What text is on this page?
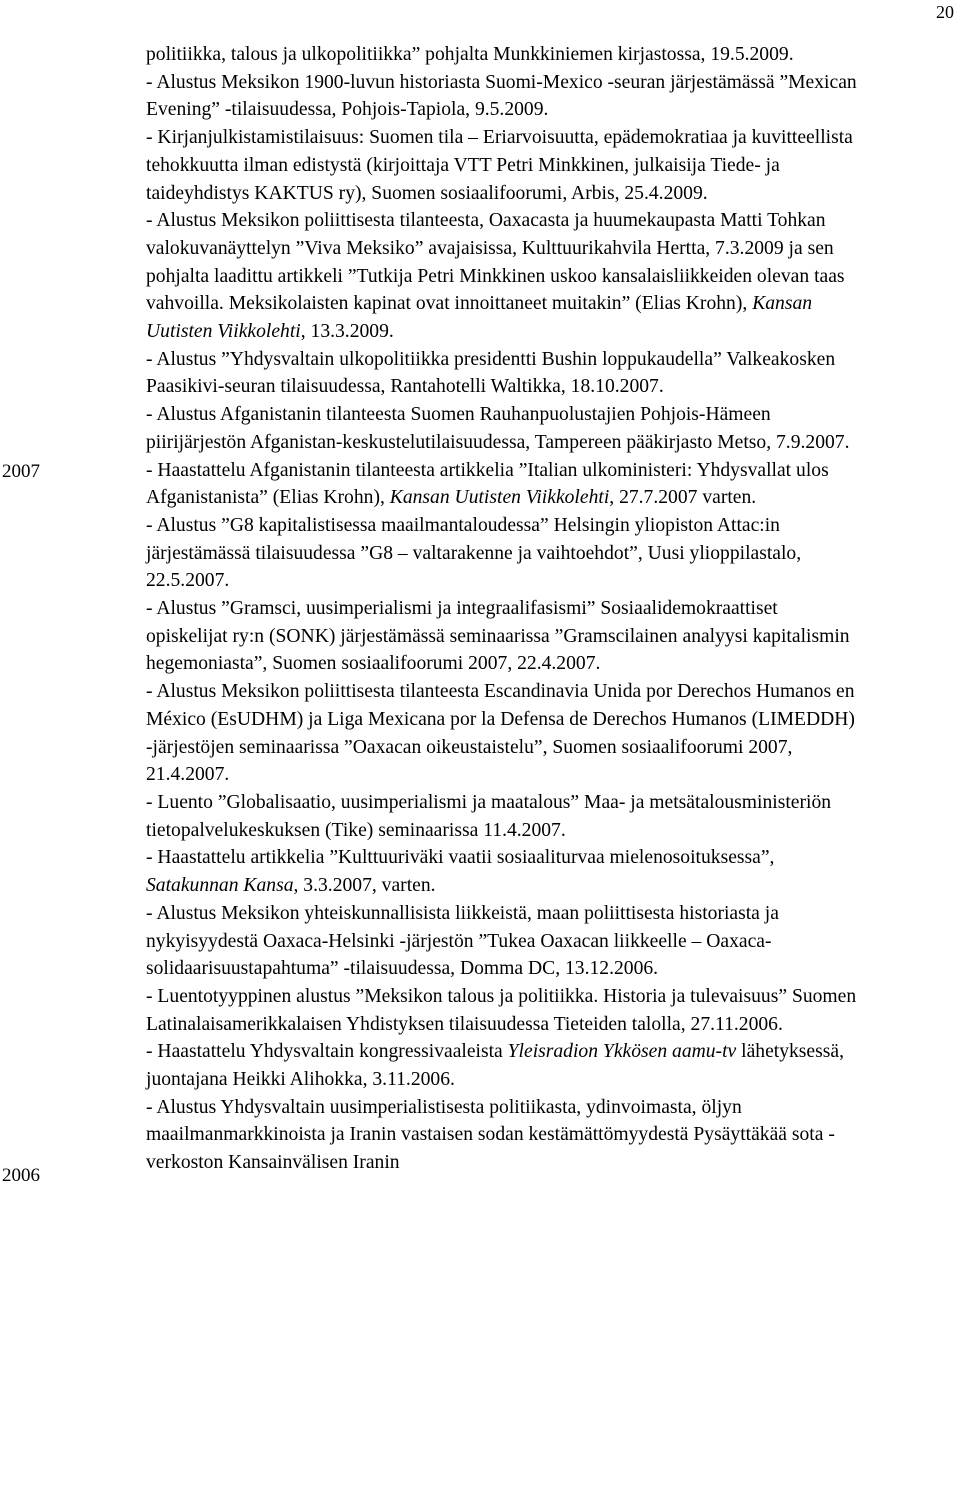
20
2007
2006

politiikka, talous ja ulkopolitiikka” pohjalta Munkkiniemen kirjastossa, 19.5.2009.

- Alustus Meksikon 1900-luvun historiasta Suomi-Mexico -seuran järjestämässä ”Mexican Evening” -tilaisuudessa, Pohjois-Tapiola, 9.5.2009.

- Kirjanjulkistamistilaisuus: Suomen tila – Eriarvoisuutta, epädemokratiaa ja kuvitteellista tehokkuutta ilman edistystä (kirjoittaja VTT Petri Minkkinen, julkaisija Tiede- ja taideyhdistys KAKTUS ry), Suomen sosiaalifoorumi, Arbis, 25.4.2009.

- Alustus Meksikon poliittisesta tilanteesta, Oaxacasta ja huumekaupasta Matti Tohkan valokuvanäyttelyn ”Viva Meksiko” avajaisissa, Kulttuurikahvila Hertta, 7.3.2009 ja sen pohjalta laadittu artikkeli ”Tutkija Petri Minkkinen uskoo kansalaisliikkeiden olevan taas vahvoilla. Meksikolaisten kapinat ovat innoittaneet muitakin” (Elias Krohn), Kansan Uutisten Viikkolehti, 13.3.2009.

- Alustus ”Yhdysvaltain ulkopolitiikka presidentti Bushin loppukaudella” Valkeakosken Paasikivi-seuran tilaisuudessa, Rantahotelli Waltikka, 18.10.2007.

- Alustus Afganistanin tilanteesta Suomen Rauhanpuolustajien Pohjois-Hämeen piirijärjestön Afganistan-keskustelutilaisuudessa, Tampereen pääkirjasto Metso, 7.9.2007.

- Haastattelu Afganistanin tilanteesta artikkelia ”Italian ulkoministeri: Yhdysvallat ulos Afganistanista” (Elias Krohn), Kansan Uutisten Viikkolehti, 27.7.2007 varten.

- Alustus ”G8 kapitalistisessa maailmantaloudessa” Helsingin yliopiston Attac:in järjestämässä tilaisuudessa ”G8 – valtarakenne ja vaihtoehdot”, Uusi ylioppilastalo, 22.5.2007.

- Alustus ”Gramsci, uusimperialismi ja integraalifasismi” Sosiaalidemokraattiset opiskelijat ry:n (SONK) järjestämässä seminaarissa ”Gramscilainen analyysi kapitalismin hegemoniasta”, Suomen sosiaalifoorumi 2007, 22.4.2007.

- Alustus Meksikon poliittisesta tilanteesta Escandinavia Unida por Derechos Humanos en México (EsUDHM) ja Liga Mexicana por la Defensa de Derechos Humanos (LIMEDDH) -järjestöjen seminaarissa ”Oaxacan oikeustaistelu”, Suomen sosiaalifoorumi 2007, 21.4.2007.

- Luento ”Globalisaatio, uusimperialismi ja maatalous” Maa- ja metsätalousministeriön tietopalvelukeskuksen (Tike) seminaarissa 11.4.2007.

- Haastattelu artikkelia ”Kulttuuriväki vaatii sosiaaliturvaa mielenosoituksessa”, Satakunnan Kansa, 3.3.2007, varten.

- Alustus Meksikon yhteiskunnallisista liikkeistä, maan poliittisesta historiasta ja nykyisyydestä Oaxaca-Helsinki -järjestön ”Tukea Oaxacan liikkeelle – Oaxaca-solidaarisuustapahtuma” -tilaisuudessa, Domma DC, 13.12.2006.

- Luentotyyppinen alustus ”Meksikon talous ja politiikka. Historia ja tulevaisuus” Suomen Latinalaisamerikkalaisen Yhdistyksen tilaisuudessa Tieteiden talolla, 27.11.2006.

- Haastattelu Yhdysvaltain kongressivaaleista Yleisradion Ykkösen aamu-tv lähetyksessä, juontajana Heikki Alihokka, 3.11.2006.

- Alustus Yhdysvaltain uusimperialistisesta politiikasta, ydinvoimasta, öljyn maailmanmarkkinoista ja Iranin vastaisen sodan kestämättömyydestä Pysäyttäkää sota -verkoston Kansainvälisen Iranin
